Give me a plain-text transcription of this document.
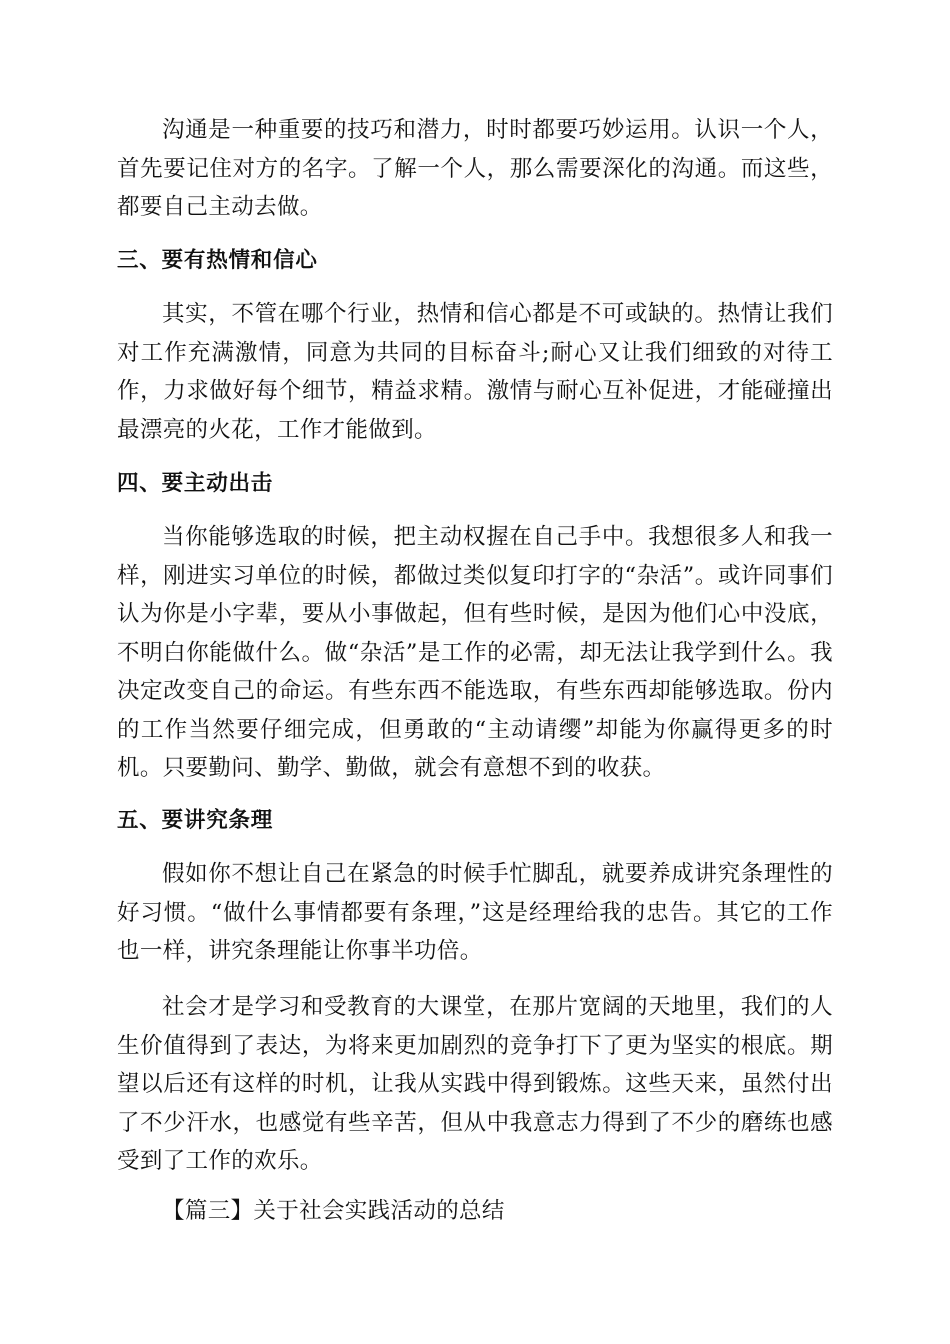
沟通是一种重要的技巧和潜力，时时都要巧妙运用。认识一个人，首先要记住对方的名字。了解一个人，那么需要深化的沟通。而这些，都要自己主动去做。

三、要有热情和信心

其实，不管在哪个行业，热情和信心都是不可或缺的。热情让我们对工作充满激情，同意为共同的目标奋斗;耐心又让我们细致的对待工作，力求做好每个细节，精益求精。激情与耐心互补促进，才能碰撞出最漂亮的火花，工作才能做到。

四、要主动出击

当你能够选取的时候，把主动权握在自己手中。我想很多人和我一样，刚进实习单位的时候，都做过类似复印打字的“杂活”。或许同事们认为你是小字辈，要从小事做起，但有些时候，是因为他们心中没底，不明白你能做什么。做“杂活”是工作的必需，却无法让我学到什么。我决定改变自己的命运。有些东西不能选取，有些东西却能够选取。份内的工作当然要仔细完成，但勇敢的“主动请缨”却能为你赢得更多的时机。只要勤问、勤学、勤做，就会有意想不到的收获。

五、要讲究条理

假如你不想让自己在紧急的时候手忙脚乱，就要养成讲究条理性的好习惯。“做什么事情都要有条理，”这是经理给我的忠告。其它的工作也一样，讲究条理能让你事半功倍。

社会才是学习和受教育的大课堂，在那片宽阔的天地里，我们的人生价值得到了表达，为将来更加剧烈的竞争打下了更为坚实的根底。期望以后还有这样的时机，让我从实践中得到锻炼。这些天来，虽然付出了不少汗水，也感觉有些辛苦，但从中我意志力得到了不少的磨练也感受到了工作的欢乐。

【篇三】关于社会实践活动的总结
